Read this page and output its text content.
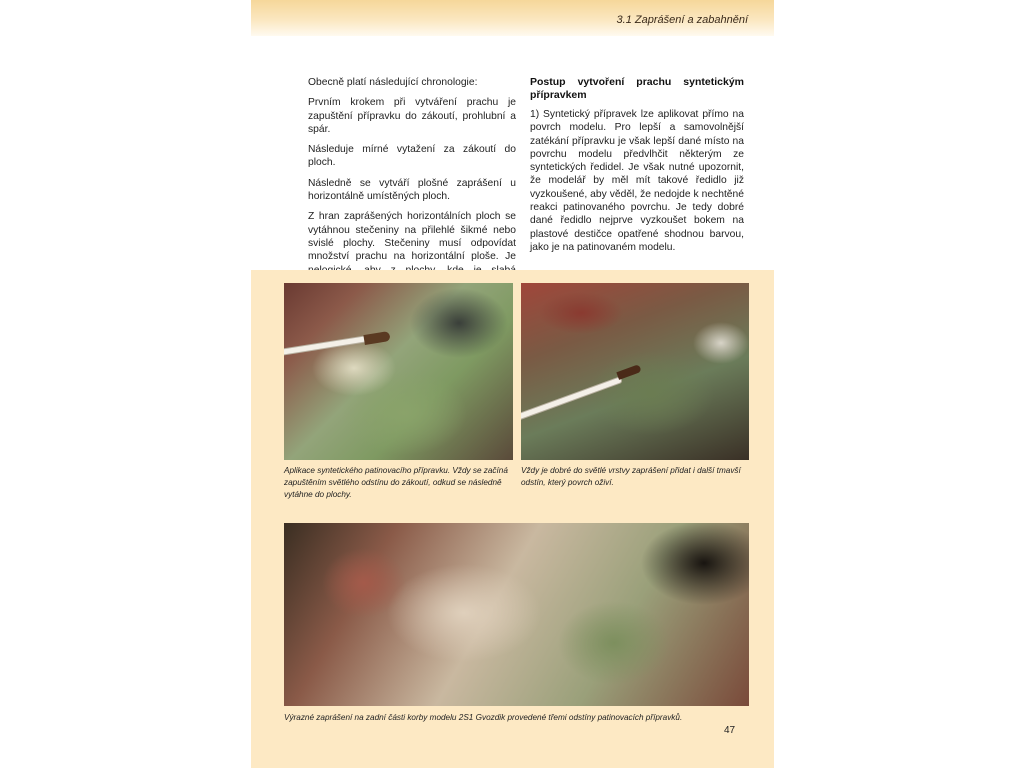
3.1 Zaprášení a zabahnění

Obecně platí následující chronologie:

Prvním krokem při vytváření prachu je zapuštění přípravku do zákoutí, prohlubní a spár.

Následuje mírné vytažení za zákoutí do ploch.

Následně se vytváří plošné zaprášení u horizontálně umístěných ploch.

Z hran zaprášených horizontálních ploch se vytáhnou stečeniny na přilehlé šikmé nebo svislé plochy. Stečeniny musí odpovídat množství prachu na horizontální ploše. Je

Postup vytvoření prachu syntetickým přípravkem

1) Syntetický přípravek lze aplikovat přímo na povrch modelu. Pro lepší a samovolnější zatékání přípravku je však lepší dané místo na povrchu modelu předvlhčit některým ze syntetických ředidel. Je však nutné upozornit, že modelář by měl mít takové ředidlo již vyzkoušené, aby věděl, že nedojde k nechtěné reakci patinovaného povrchu. Je tedy dobré dané ředidlo nejprve vyzkoušet bokem na plastové destičce opatřené shodnou barvou, jako je na patinovaném modelu.

Aplikace syntetického patinovacího přípravku. Vždy se začíná zapuštěním světlého odstínu do zákoutí, odkud se následně vytáhne do plochy.
Vždy je dobré do světlé vrstvy zaprášení přidat i další tmavší odstín, který povrch oživí.
Výrazné zaprášení na zadní části korby modelu 2S1 Gvozdik provedené třemi odstíny patinovacích přípravků.
47
